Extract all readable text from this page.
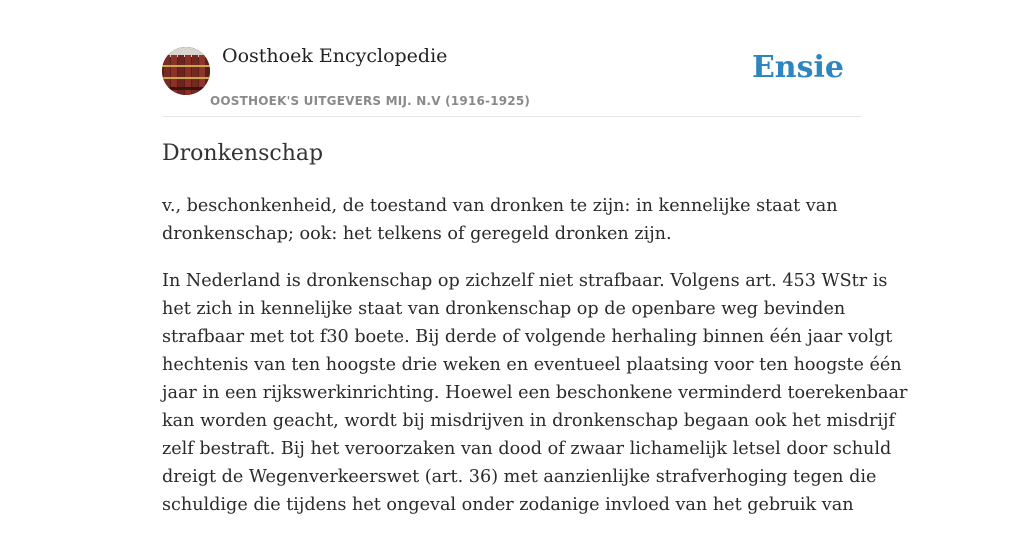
Oosthoek Encyclopedie
OOSTHOEK'S UITGEVERS MIJ. N.V (1916-1925)
Ensie
Dronkenschap

v., beschonkenheid, de toestand van dronken te zijn: in kennelijke staat van
dronkenschap; ook: het telkens of geregeld dronken zijn.

In Nederland is dronkenschap op zichzelf niet strafbaar. Volgens art. 453 WStr is
het zich in kennelijke staat van dronkenschap op de openbare weg bevinden
strafbaar met tot f30 boete. Bij derde of volgende herhaling binnen één jaar volgt
hechtenis van ten hoogste drie weken en eventueel plaatsing voor ten hoogste één
jaar in een rijkswerkinrichting. Hoewel een beschonkene verminderd toerekenbaar
kan worden geacht, wordt bij misdrijven in dronkenschap begaan ook het misdrijf
zelf bestraft. Bij het veroorzaken van dood of zwaar lichamelijk letsel door schuld
dreigt de Wegenverkeerswet (art. 36) met aanzienlijke strafverhoging tegen die
schuldige die tijdens het ongeval onder zodanige invloed van het gebruik van
